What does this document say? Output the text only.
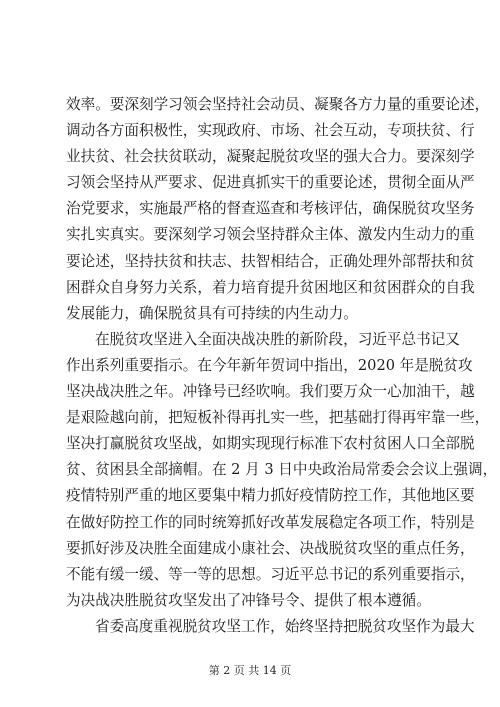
效率。要深刻学习领会坚持社会动员、凝聚各方力量的重要论述，
调动各方面积极性，实现政府、市场、社会互动，专项扶贫、行
业扶贫、社会扶贫联动，凝聚起脱贫攻坚的强大合力。要深刻学
习领会坚持从严要求、促进真抓实干的重要论述，贯彻全面从严
治党要求，实施最严格的督查巡查和考核评估，确保脱贫攻坚务
实扎实真实。要深刻学习领会坚持群众主体、激发内生动力的重
要论述，坚持扶贫和扶志、扶智相结合，正确处理外部帮扶和贫
困群众自身努力关系，着力培育提升贫困地区和贫困群众的自我
发展能力，确保脱贫具有可持续的内生动力。
在脱贫攻坚进入全面决战决胜的新阶段，习近平总书记又
作出系列重要指示。在今年新年贺词中指出，2020 年是脱贫攻
坚决战决胜之年。冲锋号已经吹响。我们要万众一心加油干，越
是艰险越向前，把短板补得再扎实一些，把基础打得再牢靠一些，
坚决打赢脱贫攻坚战，如期实现现行标准下农村贫困人口全部脱
贫、贫困县全部摘帽。在 2 月 3 日中央政治局常委会会议上强调，
疫情特别严重的地区要集中精力抓好疫情防控工作，其他地区要
在做好防控工作的同时统筹抓好改革发展稳定各项工作，特别是
要抓好涉及决胜全面建成小康社会、决战脱贫攻坚的重点任务，
不能有缓一缓、等一等的思想。习近平总书记的系列重要指示，
为决战决胜脱贫攻坚发出了冲锋号令、提供了根本遵循。
省委高度重视脱贫攻坚工作，始终坚持把脱贫攻坚作为最大
第 2 页 共 14 页
